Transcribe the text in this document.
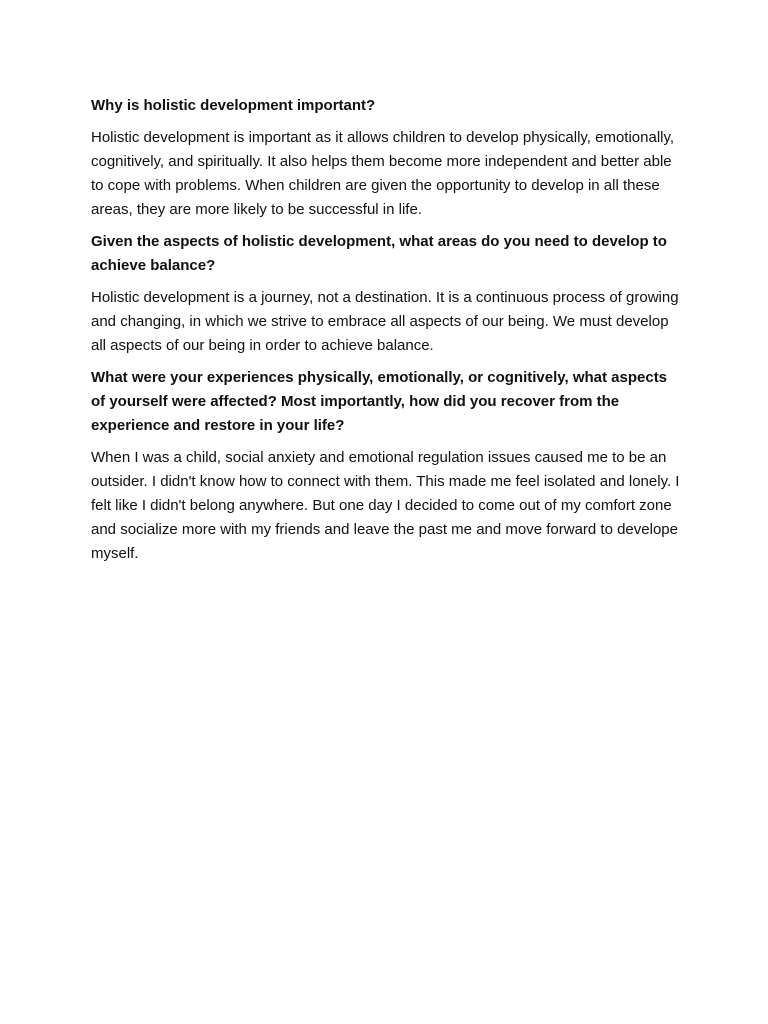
Why is holistic development important?

Holistic development is important as it allows children to develop physically, emotionally, cognitively, and spiritually. It also helps them become more independent and better able to cope with problems. When children are given the opportunity to develop in all these areas, they are more likely to be successful in life.

Given the aspects of holistic development, what areas do you need to develop to achieve balance?

Holistic development is a journey, not a destination. It is a continuous process of growing and changing, in which we strive to embrace all aspects of our being. We must develop all aspects of our being in order to achieve balance.

What were your experiences physically, emotionally, or cognitively, what aspects of yourself were affected? Most importantly, how did you recover from the experience and restore in your life?

When I was a child, social anxiety and emotional regulation issues caused me to be an outsider. I didn't know how to connect with them. This made me feel isolated and lonely. I felt like I didn't belong anywhere. But one day I decided to come out of my comfort zone and socialize more with my friends and leave the past me and move forward to develope myself.
